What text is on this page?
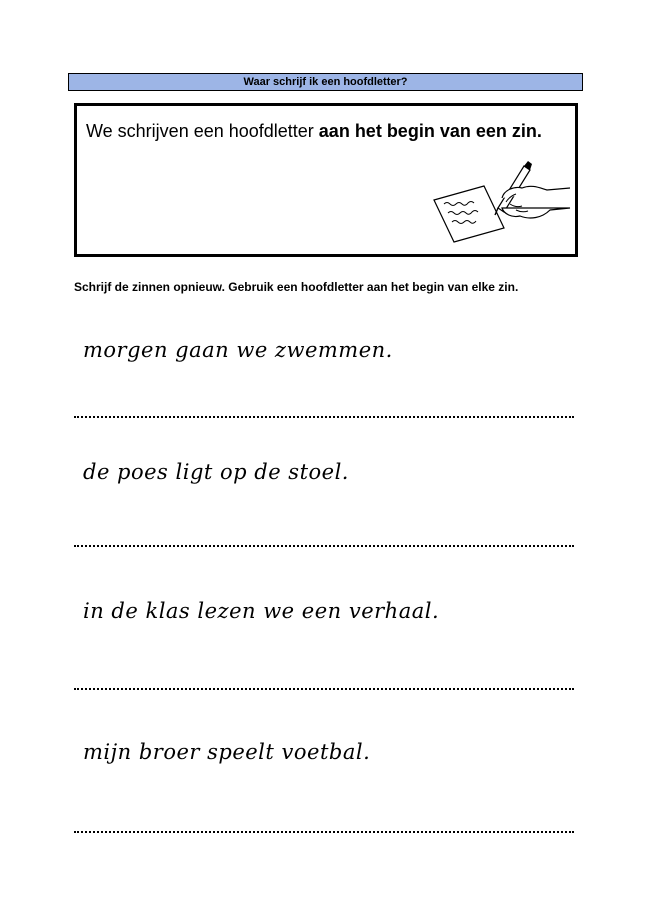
Waar schrijf ik een hoofdletter?
We schrijven een hoofdletter aan het begin van een zin.
Schrijf de zinnen opnieuw. Gebruik een hoofdletter aan het begin van elke zin.
morgen gaan we zwemmen.
de poes ligt op de stoel.
in de klas lezen we een verhaal.
mijn broer speelt voetbal.
